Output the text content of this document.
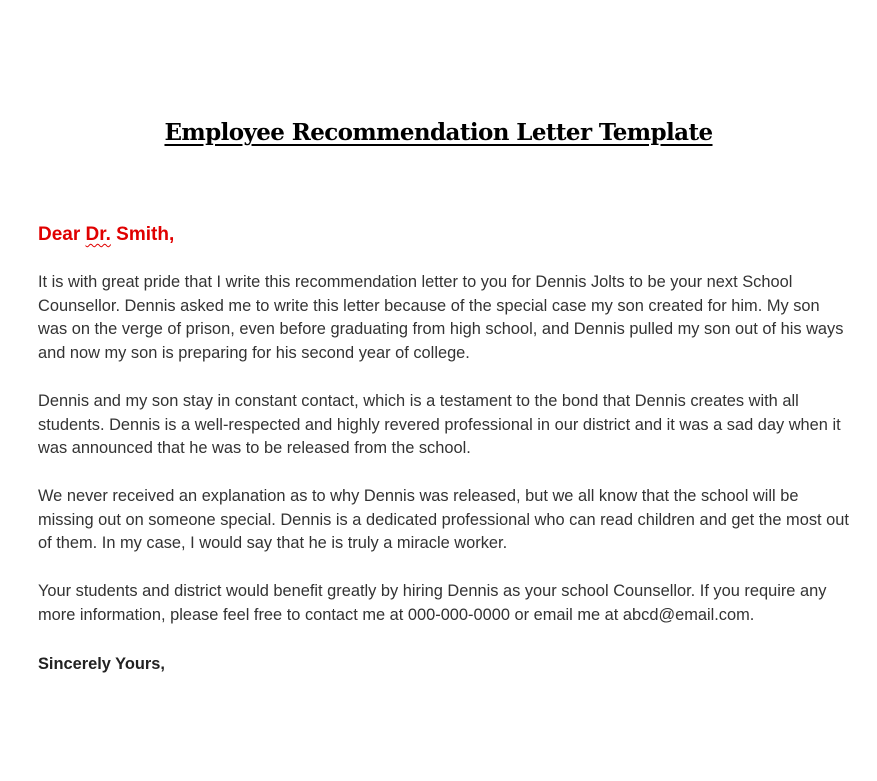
Employee Recommendation Letter Template
Dear Dr. Smith,
It is with great pride that I write this recommendation letter to you for Dennis Jolts to be your next School Counsellor. Dennis asked me to write this letter because of the special case my son created for him. My son was on the verge of prison, even before graduating from high school, and Dennis pulled my son out of his ways and now my son is preparing for his second year of college.
Dennis and my son stay in constant contact, which is a testament to the bond that Dennis creates with all students. Dennis is a well-respected and highly revered professional in our district and it was a sad day when it was announced that he was to be released from the school.
We never received an explanation as to why Dennis was released, but we all know that the school will be missing out on someone special. Dennis is a dedicated professional who can read children and get the most out of them. In my case, I would say that he is truly a miracle worker.
Your students and district would benefit greatly by hiring Dennis as your school Counsellor. If you require any more information, please feel free to contact me at 000-000-0000 or email me at abcd@email.com.
Sincerely Yours,
